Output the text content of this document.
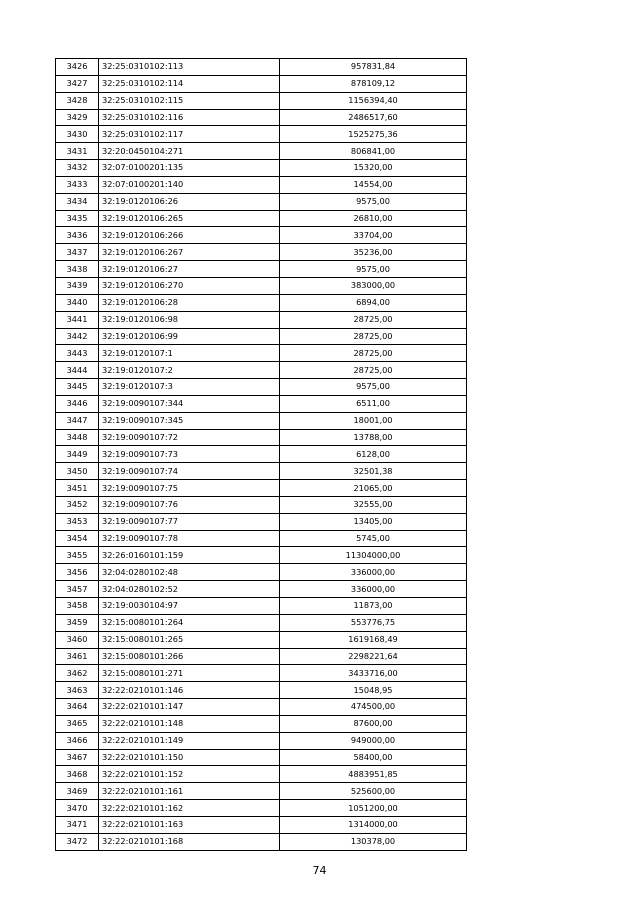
3426	32:25:0310102:113	957831,84
3427	32:25:0310102:114	878109,12
3428	32:25:0310102:115	1156394,40
3429	32:25:0310102:116	2486517,60
3430	32:25:0310102:117	1525275,36
3431	32:20:0450104:271	806841,00
3432	32:07:0100201:135	15320,00
3433	32:07:0100201:140	14554,00
3434	32:19:0120106:26	9575,00
3435	32:19:0120106:265	26810,00
3436	32:19:0120106:266	33704,00
3437	32:19:0120106:267	35236,00
3438	32:19:0120106:27	9575,00
3439	32:19:0120106:270	383000,00
3440	32:19:0120106:28	6894,00
3441	32:19:0120106:98	28725,00
3442	32:19:0120106:99	28725,00
3443	32:19:0120107:1	28725,00
3444	32:19:0120107:2	28725,00
3445	32:19:0120107:3	9575,00
3446	32:19:0090107:344	6511,00
3447	32:19:0090107:345	18001,00
3448	32:19:0090107:72	13788,00
3449	32:19:0090107:73	6128,00
3450	32:19:0090107:74	32501,38
3451	32:19:0090107:75	21065,00
3452	32:19:0090107:76	32555,00
3453	32:19:0090107:77	13405,00
3454	32:19:0090107:78	5745,00
3455	32:26:0160101:159	11304000,00
3456	32:04:0280102:48	336000,00
3457	32:04:0280102:52	336000,00
3458	32:19:0030104:97	11873,00
3459	32:15:0080101:264	553776,75
3460	32:15:0080101:265	1619168,49
3461	32:15:0080101:266	2298221,64
3462	32:15:0080101:271	3433716,00
3463	32:22:0210101:146	15048,95
3464	32:22:0210101:147	474500,00
3465	32:22:0210101:148	87600,00
3466	32:22:0210101:149	949000,00
3467	32:22:0210101:150	58400,00
3468	32:22:0210101:152	4883951,85
3469	32:22:0210101:161	525600,00
3470	32:22:0210101:162	1051200,00
3471	32:22:0210101:163	1314000,00
3472	32:22:0210101:168	130378,00
74
